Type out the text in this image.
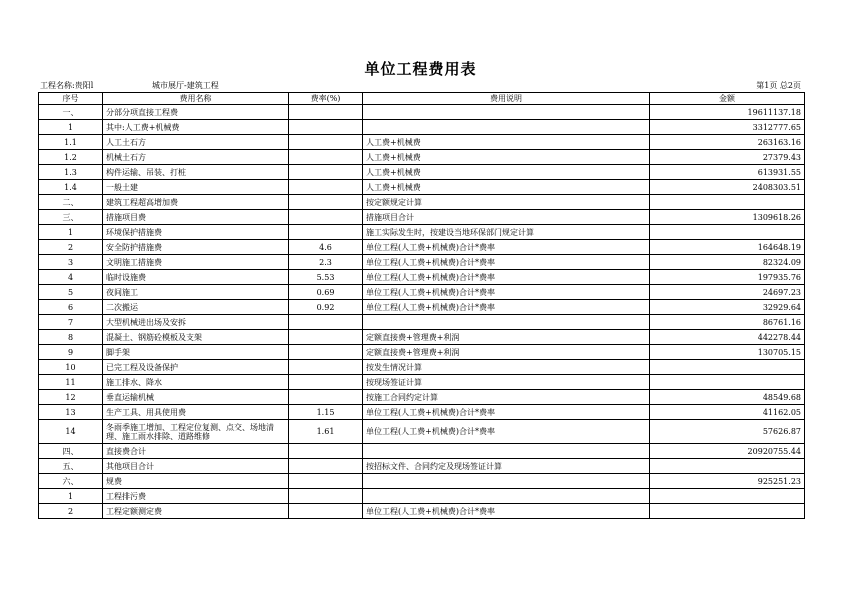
单位工程费用表
工程名称:贵阳l	城市展厅-建筑工程	第1页 总2页
序号	费用名称	费率(%)	费用说明	金额
一、	分部分项直接工程费			19611137.18
1	其中:人工费+机械费			3312777.65
1.1	人工土石方		人工费+机械费	263163.16
1.2	机械土石方		人工费+机械费	27379.43
1.3	构件运输、吊装、打桩		人工费+机械费	613931.55
1.4	一般土建		人工费+机械费	2408303.51
二、	建筑工程超高增加费		按定额规定计算	
三、	措施项目费		措施项目合计	1309618.26
1	环境保护措施费		施工实际发生时，按建设当地环保部门规定计算	
2	安全防护措施费	4.6	单位工程(人工费+机械费)合计*费率	164648.19
3	文明施工措施费	2.3	单位工程(人工费+机械费)合计*费率	82324.09
4	临时设施费	5.53	单位工程(人工费+机械费)合计*费率	197935.76
5	夜间施工	0.69	单位工程(人工费+机械费)合计*费率	24697.23
6	二次搬运	0.92	单位工程(人工费+机械费)合计*费率	32929.64
7	大型机械进出场及安拆			86761.16
8	混凝土、钢筋砼模板及支架		定额直接费+管理费+利润	442278.44
9	脚手架		定额直接费+管理费+利润	130705.15
10	已完工程及设备保护		按发生情况计算	
11	施工排水、降水		按现场签证计算	
12	垂直运输机械		按施工合同约定计算	48549.68
13	生产工具、用具使用费	1.15	单位工程(人工费+机械费)合计*费率	41162.05
14	冬雨季施工增加、工程定位复测、点交、场地清理、施工雨水排除、道路维修	1.61	单位工程(人工费+机械费)合计*费率	57626.87
四、	直接费合计			20920755.44
五、	其他项目合计		按招标文件、合同约定及现场签证计算	
六、	规费			925251.23
1	工程排污费			
2	工程定额测定费		单位工程(人工费+机械费)合计*费率	
